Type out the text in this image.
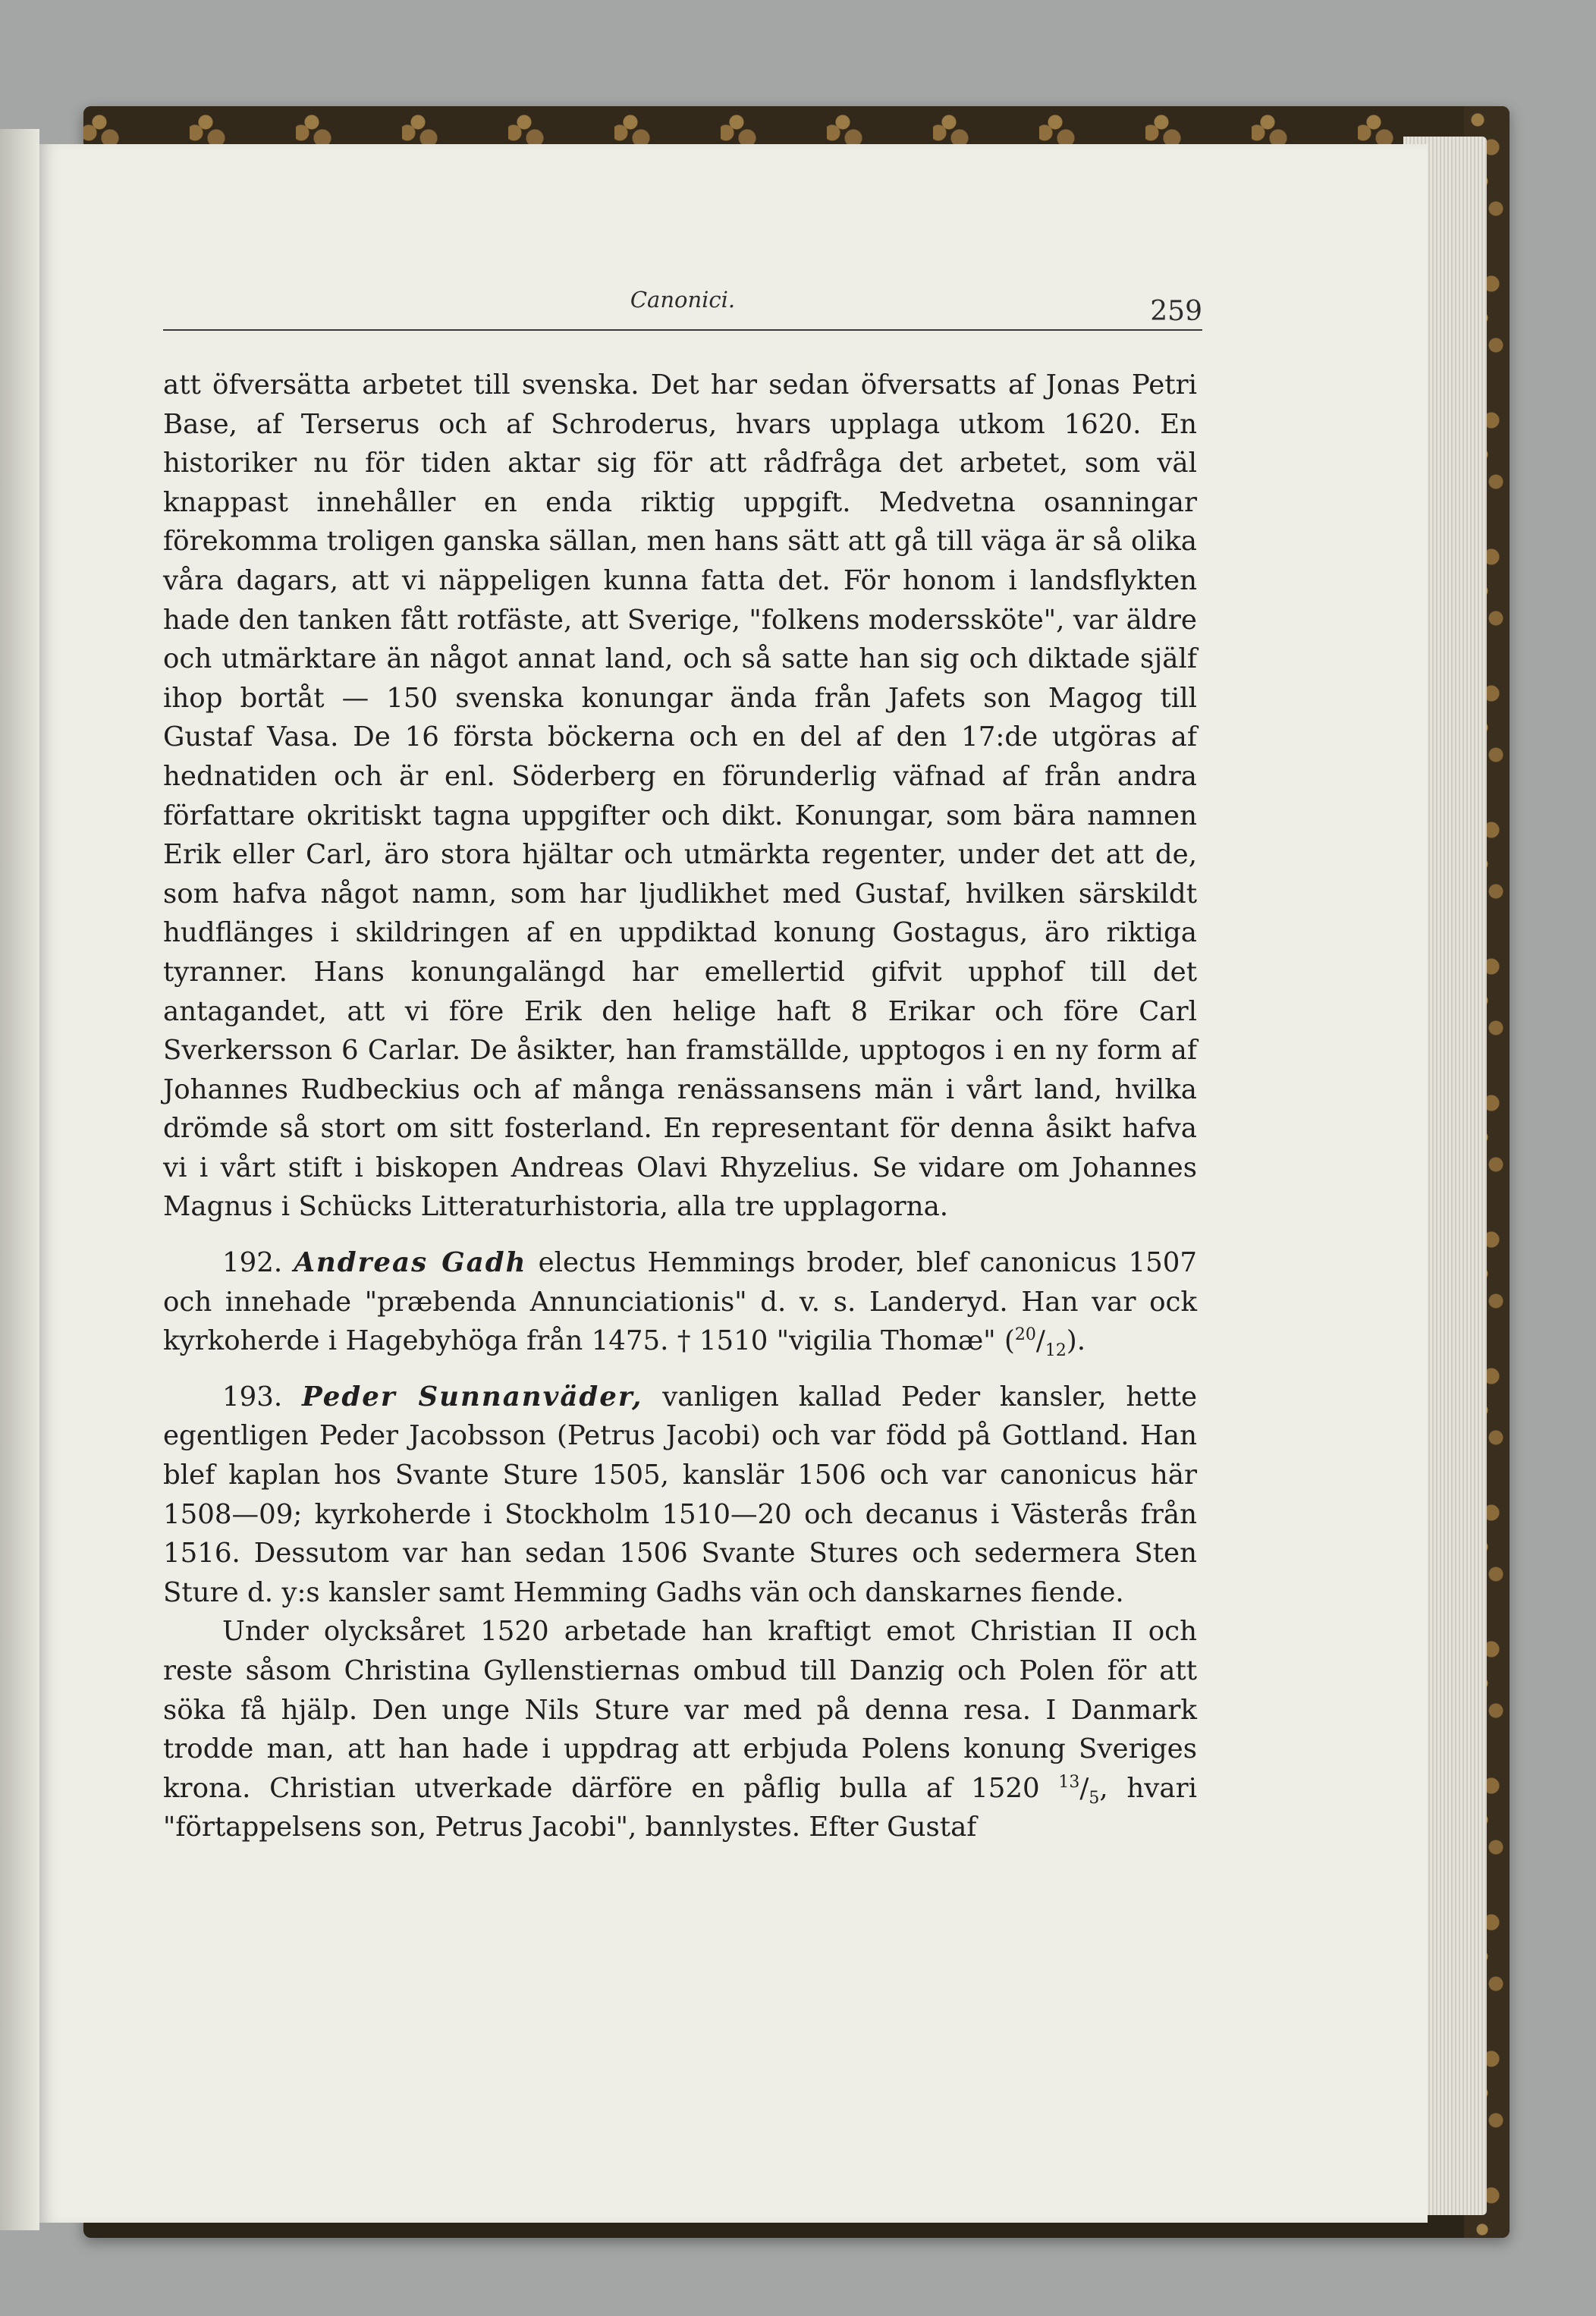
Canonici.	259

att öfversätta arbetet till svenska. Det har sedan öfversatts af Jonas Petri Base, af Terserus och af Schroderus, hvars upplaga utkom 1620. En historiker nu för tiden aktar sig för att rådfråga det arbetet, som väl knappast innehåller en enda riktig uppgift. Medvetna osanningar förekomma troligen ganska sällan, men hans sätt att gå till väga är så olika våra dagars, att vi näppeligen kunna fatta det. För honom i landsflykten hade den tanken fått rotfäste, att Sverige, "folkens moderssköte", var äldre och utmärktare än något annat land, och så satte han sig och diktade själf ihop bortåt — 150 svenska konungar ända från Jafets son Magog till Gustaf Vasa. De 16 första böckerna och en del af den 17:de utgöras af hednatiden och är enl. Söderberg en förunderlig väfnad af från andra författare okritiskt tagna uppgifter och dikt. Konungar, som bära namnen Erik eller Carl, äro stora hjältar och utmärkta regenter, under det att de, som hafva något namn, som har ljudlikhet med Gustaf, hvilken särskildt hudflänges i skildringen af en uppdiktad konung Gostagus, äro riktiga tyranner. Hans konungalängd har emellertid gifvit upphof till det antagandet, att vi före Erik den helige haft 8 Erikar och före Carl Sverkersson 6 Carlar. De åsikter, han framställde, upptogos i en ny form af Johannes Rudbeckius och af många renässansens män i vårt land, hvilka drömde så stort om sitt fosterland. En representant för denna åsikt hafva vi i vårt stift i biskopen Andreas Olavi Rhyzelius. Se vidare om Johannes Magnus i Schücks Litteraturhistoria, alla tre upplagorna.

192. Andreas Gadh electus Hemmings broder, blef canonicus 1507 och innehade "præbenda Annunciationis" d. v. s. Landeryd. Han var ock kyrkoherde i Hagebyhöga från 1475. † 1510 "vigilia Thomæ" $(^{20}/_{12})$.

193. Peder Sunnanväder, vanligen kallad Peder kansler, hette egentligen Peder Jacobsson (Petrus Jacobi) och var född på Gottland. Han blef kaplan hos Svante Sture 1505, kanslär 1506 och var canonicus här 1508—09; kyrkoherde i Stockholm 1510—20 och decanus i Västerås från 1516. Dessutom var han sedan 1506 Svante Stures och sedermera Sten Sture d. y:s kansler samt Hemming Gadhs vän och danskarnes fiende.

Under olycksåret 1520 arbetade han kraftigt emot Christian II och reste såsom Christina Gyllenstiernas ombud till Danzig och Polen för att söka få hjälp. Den unge Nils Sture var med på denna resa. I Danmark trodde man, att han hade i uppdrag att erbjuda Polens konung Sveriges krona. Christian utverkade därföre en påflig bulla af 1520 $^{13}/_5$, hvari "förtappelsens son, Petrus Jacobi", bannlystes. Efter Gustaf
